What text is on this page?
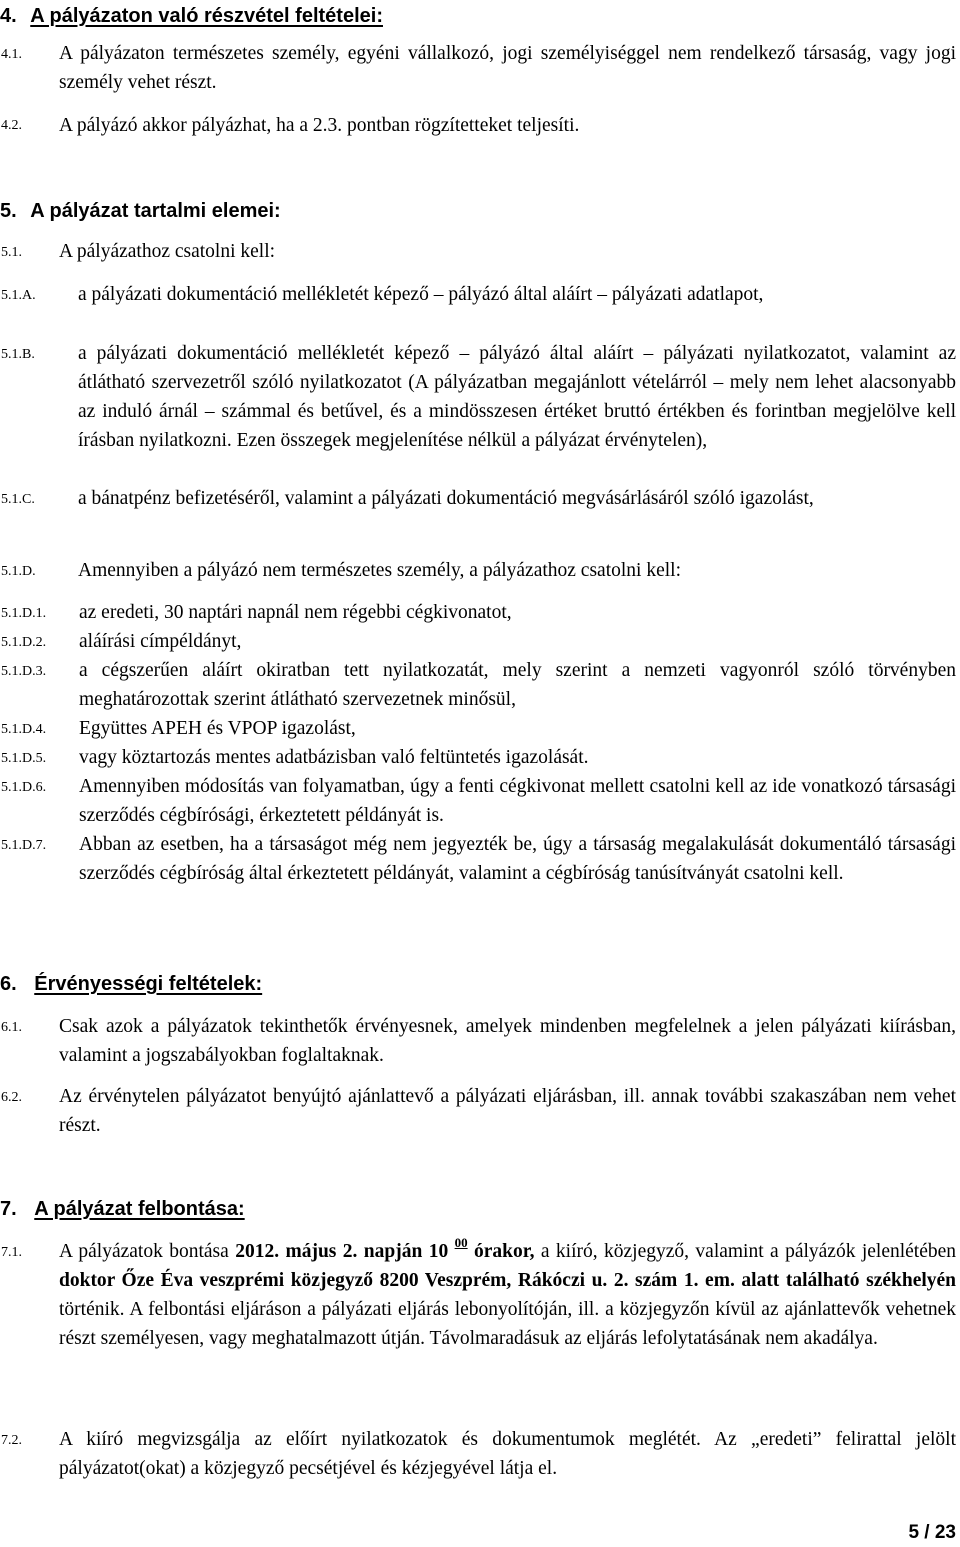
4. A pályázaton való részvétel feltételei:
4.1. A pályázaton természetes személy, egyéni vállalkozó, jogi személyiséggel nem rendelkező társaság, vagy jogi személy vehet részt.
4.2. A pályázó akkor pályázhat, ha a 2.3. pontban rögzítetteket teljesíti.
5. A pályázat tartalmi elemei:
5.1. A pályázathoz csatolni kell:
5.1.A. a pályázati dokumentáció mellékletét képező – pályázó által aláírt – pályázati adatlapot,
5.1.B. a pályázati dokumentáció mellékletét képező – pályázó által aláírt – pályázati nyilatkozatot, valamint az átlátható szervezetről szóló nyilatkozatot (A pályázatban megajánlott vételárról – mely nem lehet alacsonyabb az induló árnál – számmal és betűvel, és a mindösszesen értéket bruttó értékben és forintban megjelölve kell írásban nyilatkozni. Ezen összegek megjelenítése nélkül a pályázat érvénytelen),
5.1.C. a bánatpénz befizetéséről, valamint a pályázati dokumentáció megvásárlásáról szóló igazolást,
5.1.D. Amennyiben a pályázó nem természetes személy, a pályázathoz csatolni kell:
5.1.D.1. az eredeti, 30 naptári napnál nem régebbi cégkivonatot,
5.1.D.2. aláírási címpéldányt,
5.1.D.3. a cégszerűen aláírt okiratban tett nyilatkozatát, mely szerint a nemzeti vagyonról szóló törvényben meghatározottak szerint átlátható szervezetnek minősül,
5.1.D.4. Együttes APEH és VPOP igazolást,
5.1.D.5. vagy köztartozás mentes adatbázisban való feltüntetés igazolását.
5.1.D.6. Amennyiben módosítás van folyamatban, úgy a fenti cégkivonat mellett csatolni kell az ide vonatkozó társasági szerződés cégbírósági, érkeztetett példányát is.
5.1.D.7. Abban az esetben, ha a társaságot még nem jegyezték be, úgy a társaság megalakulását dokumentáló társasági szerződés cégbíróság által érkeztetett példányát, valamint a cégbíróság tanúsítványát csatolni kell.
6. Érvényességi feltételek:
6.1. Csak azok a pályázatok tekinthetők érvényesnek, amelyek mindenben megfelelnek a jelen pályázati kiírásban, valamint a jogszabályokban foglaltaknak.
6.2. Az érvénytelen pályázatot benyújtó ajánlattevő a pályázati eljárásban, ill. annak további szakaszában nem vehet részt.
7. A pályázat felbontása:
7.1. A pályázatok bontása 2012. május 2. napján 10 $^{00}$ órakor, a kiíró, közjegyző, valamint a pályázók jelenlétében doktor Őze Éva veszprémi közjegyző 8200 Veszprém, Rákóczi u. 2. szám 1. em. alatt található székhelyén történik. A felbontási eljáráson a pályázati eljárás lebonyolítóján, ill. a közjegyzőn kívül az ajánlattevők vehetnek részt személyesen, vagy meghatalmazott útján. Távolmaradásuk az eljárás lefolytatásának nem akadálya.
7.2. A kiíró megvizsgálja az előírt nyilatkozatok és dokumentumok meglétét. Az „eredeti” felirattal jelölt pályázatot(okat) a közjegyző pecsétjével és kézjegyével látja el.
5 / 23
